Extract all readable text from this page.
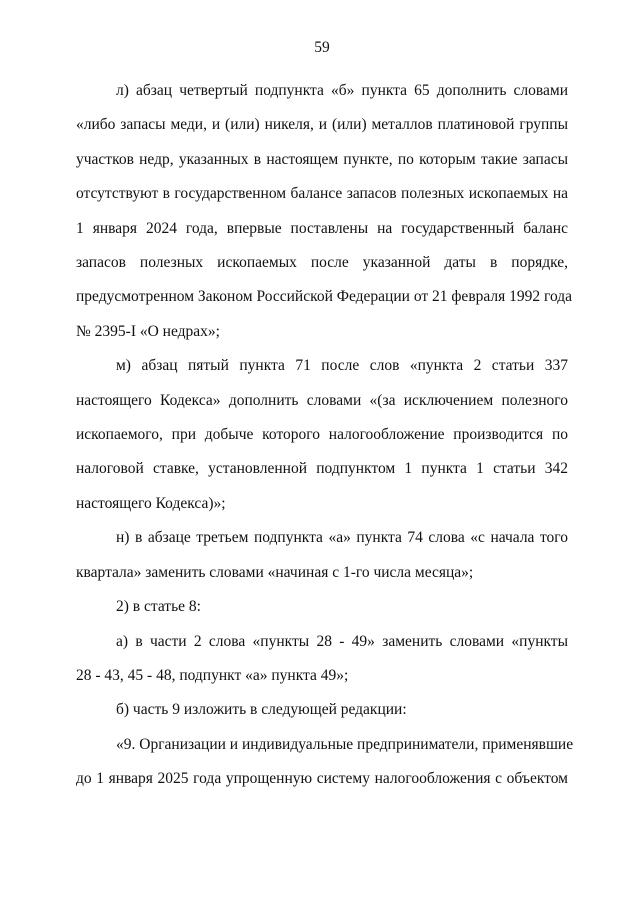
59

л) абзац четвертый подпункта «б» пункта 65 дополнить словами
«либо запасы меди, и (или) никеля, и (или) металлов платиновой группы
участков недр, указанных в настоящем пункте, по которым такие запасы
отсутствуют в государственном балансе запасов полезных ископаемых на
1 января 2024 года, впервые поставлены на государственный баланс
запасов полезных ископаемых после указанной даты в порядке,
предусмотренном Законом Российской Федерации от 21 февраля 1992 года
№ 2395-I «О недрах»;

м) абзац пятый пункта 71 после слов «пункта 2 статьи 337
настоящего Кодекса» дополнить словами «(за исключением полезного
ископаемого, при добыче которого налогообложение производится по
налоговой ставке, установленной подпунктом 1 пункта 1 статьи 342
настоящего Кодекса)»;

н) в абзаце третьем подпункта «а» пункта 74 слова «с начала того
квартала» заменить словами «начиная с 1-го числа месяца»;

2) в статье 8:

а) в части 2 слова «пункты 28 - 49» заменить словами «пункты
28 - 43, 45 - 48, подпункт «а» пункта 49»;

б) часть 9 изложить в следующей редакции:

«9. Организации и индивидуальные предприниматели, применявшие
до 1 января 2025 года упрощенную систему налогообложения с объектом
